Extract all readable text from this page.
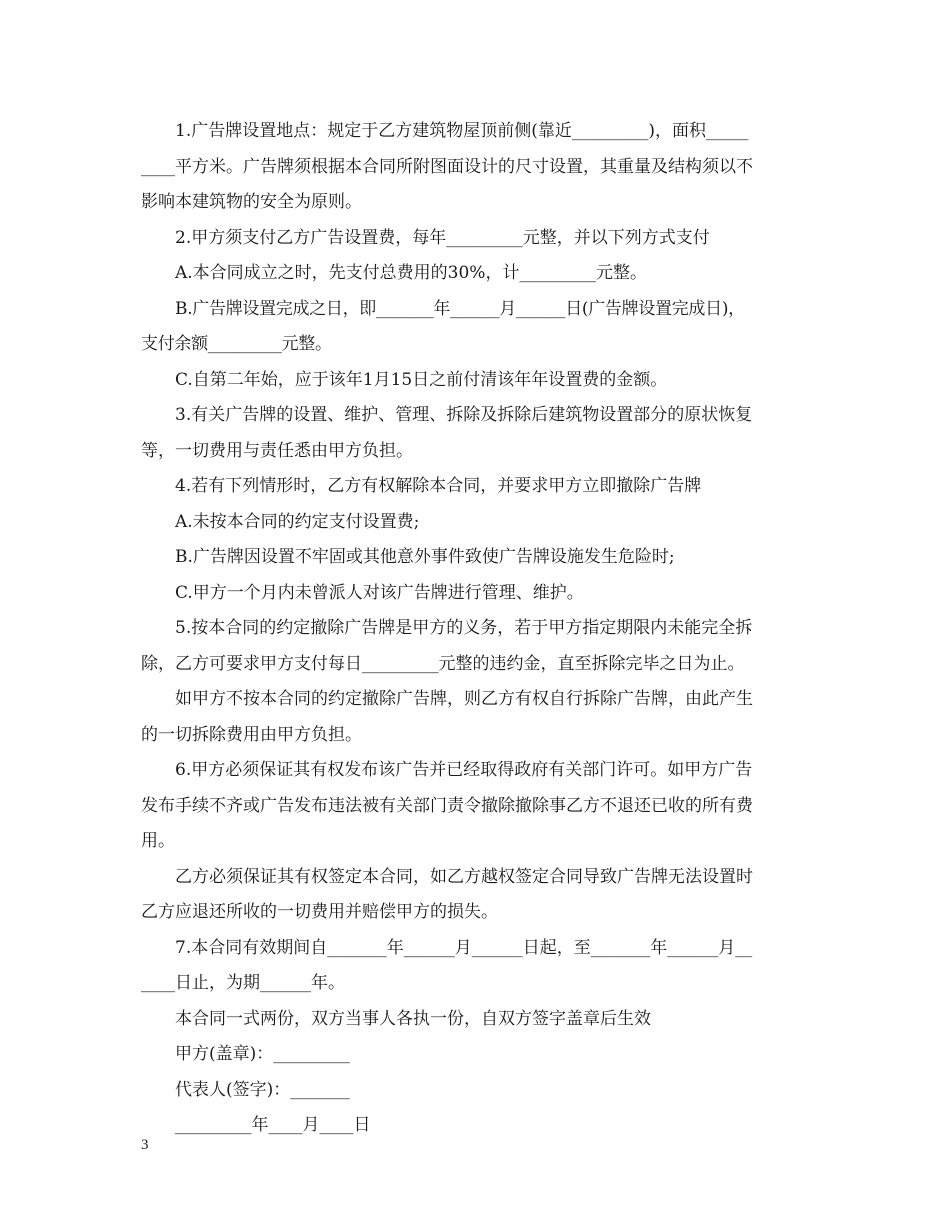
1.广告牌设置地点：规定于乙方建筑物屋顶前侧(靠近_________)，面积_____
____平方米。广告牌须根据本合同所附图面设计的尺寸设置，其重量及结构须以不
影响本建筑物的安全为原则。

2.甲方须支付乙方广告设置费，每年_________元整，并以下列方式支付

A.本合同成立之时，先支付总费用的30%，计_________元整。

B.广告牌设置完成之日，即_______年______月______日(广告牌设置完成日)，
支付余额_________元整。

C.自第二年始，应于该年1月15日之前付清该年年设置费的金额。

3.有关广告牌的设置、维护、管理、拆除及拆除后建筑物设置部分的原状恢复
等，一切费用与责任悉由甲方负担。

4.若有下列情形时，乙方有权解除本合同，并要求甲方立即撤除广告牌

A.未按本合同的约定支付设置费;

B.广告牌因设置不牢固或其他意外事件致使广告牌设施发生危险时;

C.甲方一个月内未曾派人对该广告牌进行管理、维护。

5.按本合同的约定撤除广告牌是甲方的义务，若于甲方指定期限内未能完全拆
除，乙方可要求甲方支付每日_________元整的违约金，直至拆除完毕之日为止。

如甲方不按本合同的约定撤除广告牌，则乙方有权自行拆除广告牌，由此产生
的一切拆除费用由甲方负担。

6.甲方必须保证其有权发布该广告并已经取得政府有关部门许可。如甲方广告
发布手续不齐或广告发布违法被有关部门责令撤除撤除事乙方不退还已收的所有费
用。

乙方必须保证其有权签定本合同，如乙方越权签定合同导致广告牌无法设置时
乙方应退还所收的一切费用并赔偿甲方的损失。

7.本合同有效期间自_______年______月______日起，至_______年______月__
____日止，为期______年。

本合同一式两份，双方当事人各执一份，自双方签字盖章后生效

甲方(盖章)：_________

代表人(签字)：_______

_________年____月____日

3
